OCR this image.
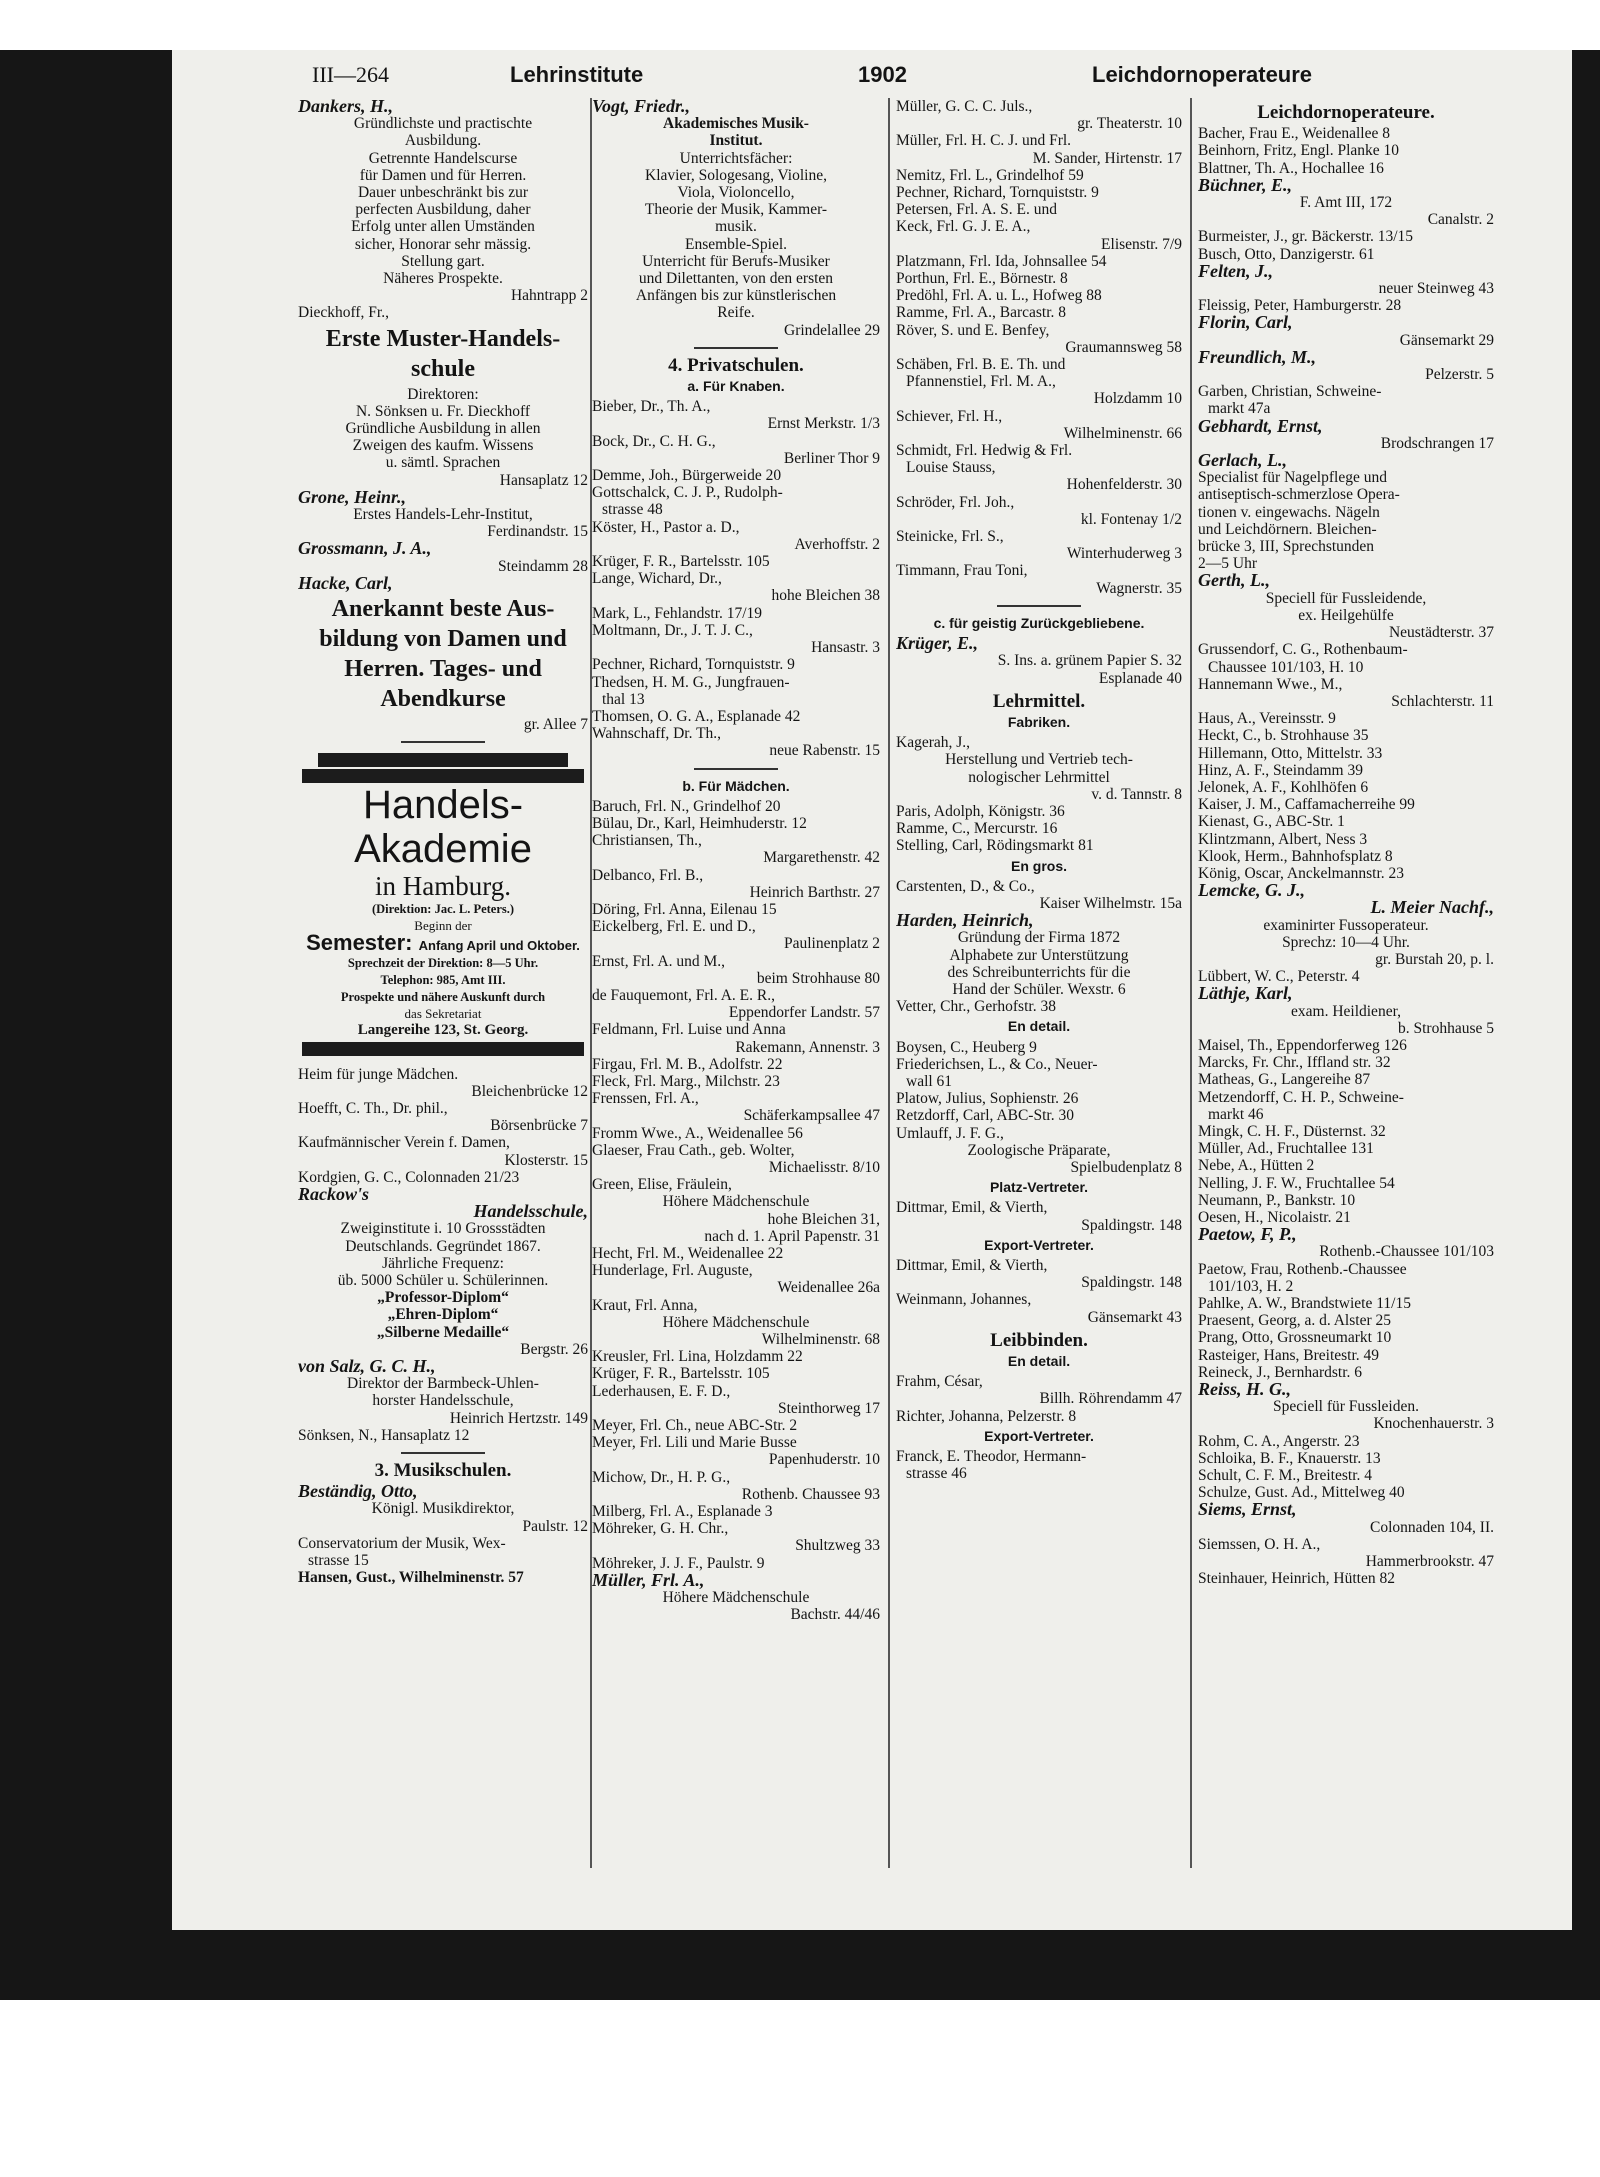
III—264	Lehrinstitute	1902	Leichdornoperateure
Dankers, H.,
Gründlichste und practischte
Ausbildung.
Getrennte Handelscurse
für Damen und für Herren.
Dauer unbeschränkt bis zur
perfecten Ausbildung, daher
Erfolg unter allen Umständen
sicher, Honorar sehr mässig.
Stellung gart.
Näheres Prospekte.
Hahntrapp 2
Dieckhoff, Fr.,
Erste Muster-Handels-
schule
Direktoren:
N. Sönksen u. Fr. Dieckhoff
Gründliche Ausbildung in allen
Zweigen des kaufm. Wissens
u. sämtl. Sprachen
Hansaplatz 12
Grone, Heinr.,
Erstes Handels-Lehr-Institut,
Ferdinandstr. 15
Grossmann, J. A.,
Steindamm 28
Hacke, Carl,
Anerkannt beste Aus-
bildung von Damen und
Herren. Tages- und
Abendkurse
gr. Allee 7
Handels-
Akademie
in Hamburg.
(Direktion: Jac. L. Peters.)
Beginn der
Semester: Anfang April und Oktober.
Sprechzeit der Direktion: 8—5 Uhr.
Telephon: 985, Amt III.
Prospekte und nähere Auskunft durch
das Sekretariat
Langereihe 123, St. Georg.
Heim für junge Mädchen.
Bleichenbrücke 12
Hoefft, C. Th., Dr. phil.,
Börsenbrücke 7
Kaufmännischer Verein f. Damen,
Klosterstr. 15
Kordgien, G. C., Colonnaden 21/23
Rackow's
Handelsschule,
Zweiginstitute i. 10 Grossstädten
Deutschlands. Gegründet 1867.
Jährliche Frequenz:
üb. 5000 Schüler u. Schülerinnen.
„Professor-Diplom“
„Ehren-Diplom“
„Silberne Medaille“
Bergstr. 26
von Salz, G. C. H.,
Direktor der Barmbeck-Uhlen-
horster Handelsschule,
Heinrich Hertzstr. 149
Sönksen, N., Hansaplatz 12
3. Musikschulen.
Beständig, Otto,
Königl. Musikdirektor,
Paulstr. 12
Conservatorium der Musik, Wex-
strasse 15
Hansen, Gust., Wilhelminenstr. 57
Vogt, Friedr.,
Akademisches Musik-
Institut.
Unterrichtsfächer:
Klavier, Sologesang, Violine,
Viola, Violoncello,
Theorie der Musik, Kammer-
musik.
Ensemble-Spiel.
Unterricht für Berufs-Musiker
und Dilettanten, von den ersten
Anfängen bis zur künstlerischen
Reife.
Grindelallee 29
4. Privatschulen.
a. Für Knaben.
Bieber, Dr., Th. A.,
Ernst Merkstr. 1/3
Bock, Dr., C. H. G.,
Berliner Thor 9
Demme, Joh., Bürgerweide 20
Gottschalck, C. J. P., Rudolph-
strasse 48
Köster, H., Pastor a. D.,
Averhoffstr. 2
Krüger, F. R., Bartelsstr. 105
Lange, Wichard, Dr.,
hohe Bleichen 38
Mark, L., Fehlandstr. 17/19
Moltmann, Dr., J. T. J. C.,
Hansastr. 3
Pechner, Richard, Tornquiststr. 9
Thedsen, H. M. G., Jungfrauen-
thal 13
Thomsen, O. G. A., Esplanade 42
Wahnschaff, Dr. Th.,
neue Rabenstr. 15
b. Für Mädchen.
Baruch, Frl. N., Grindelhof 20
Bülau, Dr., Karl, Heimhuderstr. 12
Christiansen, Th.,
Margarethenstr. 42
Delbanco, Frl. B.,
Heinrich Barthstr. 27
Döring, Frl. Anna, Eilenau 15
Eickelberg, Frl. E. und D.,
Paulinenplatz 2
Ernst, Frl. A. und M.,
beim Strohhause 80
de Fauquemont, Frl. A. E. R.,
Eppendorfer Landstr. 57
Feldmann, Frl. Luise und Anna
Rakemann, Annenstr. 3
Firgau, Frl. M. B., Adolfstr. 22
Fleck, Frl. Marg., Milchstr. 23
Frenssen, Frl. A.,
Schäferkampsallee 47
Fromm Wwe., A., Weidenallee 56
Glaeser, Frau Cath., geb. Wolter,
Michaelisstr. 8/10
Green, Elise, Fräulein,
Höhere Mädchenschule
hohe Bleichen 31,
nach d. 1. April Papenstr. 31
Hecht, Frl. M., Weidenallee 22
Hunderlage, Frl. Auguste,
Weidenallee 26a
Kraut, Frl. Anna,
Höhere Mädchenschule
Wilhelminenstr. 68
Kreusler, Frl. Lina, Holzdamm 22
Krüger, F. R., Bartelsstr. 105
Lederhausen, E. F. D.,
Steinthorweg 17
Meyer, Frl. Ch., neue ABC-Str. 2
Meyer, Frl. Lili und Marie Busse
Papenhuderstr. 10
Michow, Dr., H. P. G.,
Rothenb. Chaussee 93
Milberg, Frl. A., Esplanade 3
Möhreker, G. H. Chr.,
Shultzweg 33
Möhreker, J. J. F., Paulstr. 9
Müller, Frl. A.,
Höhere Mädchenschule
Bachstr. 44/46
Müller, G. C. C. Juls.,
gr. Theaterstr. 10
Müller, Frl. H. C. J. und Frl.
M. Sander, Hirtenstr. 17
Nemitz, Frl. L., Grindelhof 59
Pechner, Richard, Tornquiststr. 9
Petersen, Frl. A. S. E. und
Keck, Frl. G. J. E. A.,
Elisenstr. 7/9
Platzmann, Frl. Ida, Johnsallee 54
Porthun, Frl. E., Börnestr. 8
Predöhl, Frl. A. u. L., Hofweg 88
Ramme, Frl. A., Barcastr. 8
Röver, S. und E. Benfey,
Graumannsweg 58
Schäben, Frl. B. E. Th. und
Pfannenstiel, Frl. M. A.,
Holzdamm 10
Schiever, Frl. H.,
Wilhelminenstr. 66
Schmidt, Frl. Hedwig & Frl.
Louise Stauss,
Hohenfelderstr. 30
Schröder, Frl. Joh.,
kl. Fontenay 1/2
Steinicke, Frl. S.,
Winterhuderweg 3
Timmann, Frau Toni,
Wagnerstr. 35
c. für geistig Zurückgebliebene.
Krüger, E.,
S. Ins. a. grünem Papier S. 32
Esplanade 40
Lehrmittel.
Fabriken.
Kagerah, J.,
Herstellung und Vertrieb tech-
nologischer Lehrmittel
v. d. Tannstr. 8
Paris, Adolph, Königstr. 36
Ramme, C., Mercurstr. 16
Stelling, Carl, Rödingsmarkt 81
En gros.
Carstenten, D., & Co.,
Kaiser Wilhelmstr. 15a
Harden, Heinrich,
Gründung der Firma 1872
Alphabete zur Unterstützung
des Schreibunterrichts für die
Hand der Schüler. Wexstr. 6
Vetter, Chr., Gerhofstr. 38
En detail.
Boysen, C., Heuberg 9
Friederichsen, L., & Co., Neuer-
wall 61
Platow, Julius, Sophienstr. 26
Retzdorff, Carl, ABC-Str. 30
Umlauff, J. F. G.,
Zoologische Präparate,
Spielbudenplatz 8
Platz-Vertreter.
Dittmar, Emil, & Vierth,
Spaldingstr. 148
Export-Vertreter.
Dittmar, Emil, & Vierth,
Spaldingstr. 148
Weinmann, Johannes,
Gänsemarkt 43
Leibbinden.
En detail.
Frahm, César,
Billh. Röhrendamm 47
Richter, Johanna, Pelzerstr. 8
Export-Vertreter.
Franck, E. Theodor, Hermann-
strasse 46
Leichdornoperateure.
Bacher, Frau E., Weidenallee 8
Beinhorn, Fritz, Engl. Planke 10
Blattner, Th. A., Hochallee 16
Büchner, E.,
F. Amt III, 172
Canalstr. 2
Burmeister, J., gr. Bäckerstr. 13/15
Busch, Otto, Danzigerstr. 61
Felten, J.,
neuer Steinweg 43
Fleissig, Peter, Hamburgerstr. 28
Florin, Carl,
Gänsemarkt 29
Freundlich, M.,
Pelzerstr. 5
Garben, Christian, Schweine-
markt 47a
Gebhardt, Ernst,
Brodschrangen 17
Gerlach, L.,
Specialist für Nagelpflege und
antiseptisch-schmerzlose Opera-
tionen v. eingewachs. Nägeln
und Leichdörnern. Bleichen-
brücke 3, III, Sprechstunden
2—5 Uhr
Gerth, L.,
Speciell für Fussleidende,
ex. Heilgehülfe
Neustädterstr. 37
Grussendorf, C. G., Rothenbaum-
Chaussee 101/103, H. 10
Hannemann Wwe., M.,
Schlachterstr. 11
Haus, A., Vereinsstr. 9
Heckt, C., b. Strohhause 35
Hillemann, Otto, Mittelstr. 33
Hinz, A. F., Steindamm 39
Jelonek, A. F., Kohlhöfen 6
Kaiser, J. M., Caffamacherreihe 99
Kienast, G., ABC-Str. 1
Klintzmann, Albert, Ness 3
Klook, Herm., Bahnhofsplatz 8
König, Oscar, Anckelmannstr. 23
Lemcke, G. J.,
L. Meier Nachf.,
examinirter Fussoperateur.
Sprechz: 10—4 Uhr.
gr. Burstah 20, p. l.
Lübbert, W. C., Peterstr. 4
Läthje, Karl,
exam. Heildiener,
b. Strohhause 5
Maisel, Th., Eppendorferweg 126
Marcks, Fr. Chr., Iffland str. 32
Matheas, G., Langereihe 87
Metzendorff, C. H. P., Schweine-
markt 46
Mingk, C. H. F., Düsternst. 32
Müller, Ad., Fruchtallee 131
Nebe, A., Hütten 2
Nelling, J. F. W., Fruchtallee 54
Neumann, P., Bankstr. 10
Oesen, H., Nicolaistr. 21
Paetow, F, P.,
Rothenb.-Chaussee 101/103
Paetow, Frau, Rothenb.-Chaussee
101/103, H. 2
Pahlke, A. W., Brandstwiete 11/15
Praesent, Georg, a. d. Alster 25
Prang, Otto, Grossneumarkt 10
Rasteiger, Hans, Breitestr. 49
Reineck, J., Bernhardstr. 6
Reiss, H. G.,
Speciell für Fussleiden.
Knochenhauerstr. 3
Rohm, C. A., Angerstr. 23
Schloika, B. F., Knauerstr. 13
Schult, C. F. M., Breitestr. 4
Schulze, Gust. Ad., Mittelweg 40
Siems, Ernst,
Colonnaden 104, II.
Siemssen, O. H. A.,
Hammerbrookstr. 47
Steinhauer, Heinrich, Hütten 82
